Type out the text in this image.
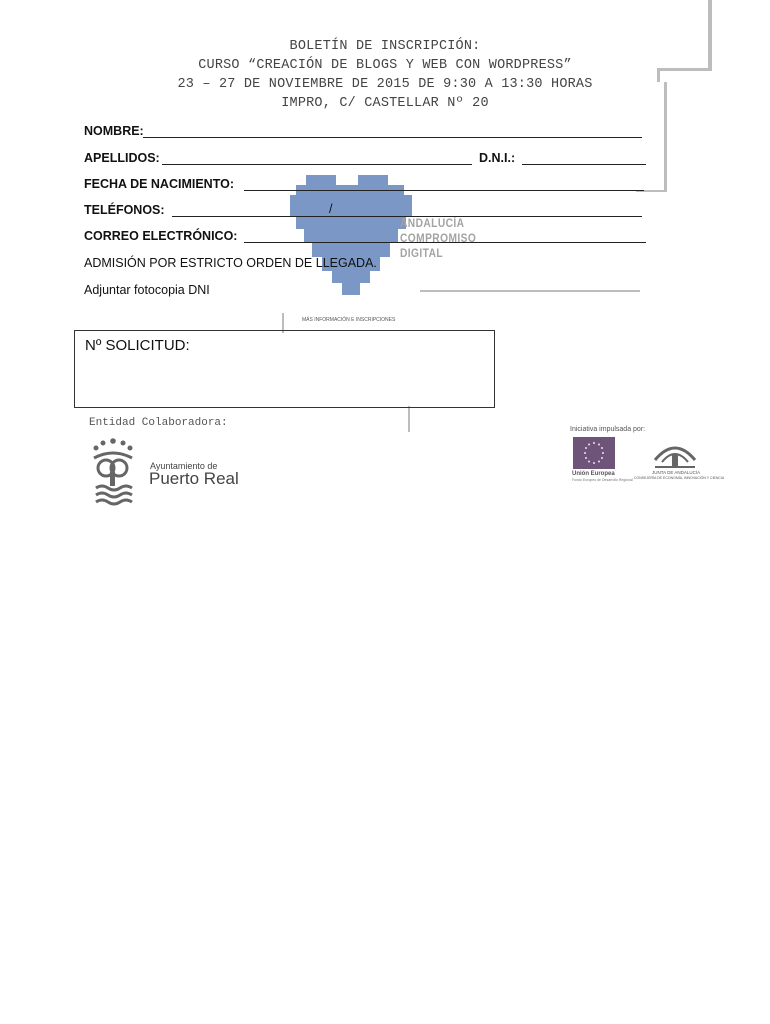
BOLETÍN DE INSCRIPCIÓN:
CURSO “CREACIÓN DE BLOGS Y WEB CON WORDPRESS”
23 – 27 DE NOVIEMBRE DE 2015 DE 9:30 A 13:30 HORAS
IMPRO, C/ CASTELLAR Nº 20
ANDALUCÍA
COMPROMISO
DIGITAL
MÁS INFORMACIÓN E INSCRIPCIONES
NOMBRE:
APELLIDOS:	D.N.I.:
FECHA DE NACIMIENTO:
TELÉFONOS:	/
CORREO ELECTRÓNICO:
ADMISIÓN POR ESTRICTO ORDEN DE LLEGADA.
Adjuntar fotocopia DNI
Nº SOLICITUD:
Entidad Colaboradora:
Ayuntamiento de
Puerto Real
Iniciativa impulsada por:
Unión Europea
Fondo Europeo de Desarrollo Regional
JUNTA DE ANDALUCÍA
CONSEJERÍA DE ECONOMÍA, INNOVACIÓN Y CIENCIA
